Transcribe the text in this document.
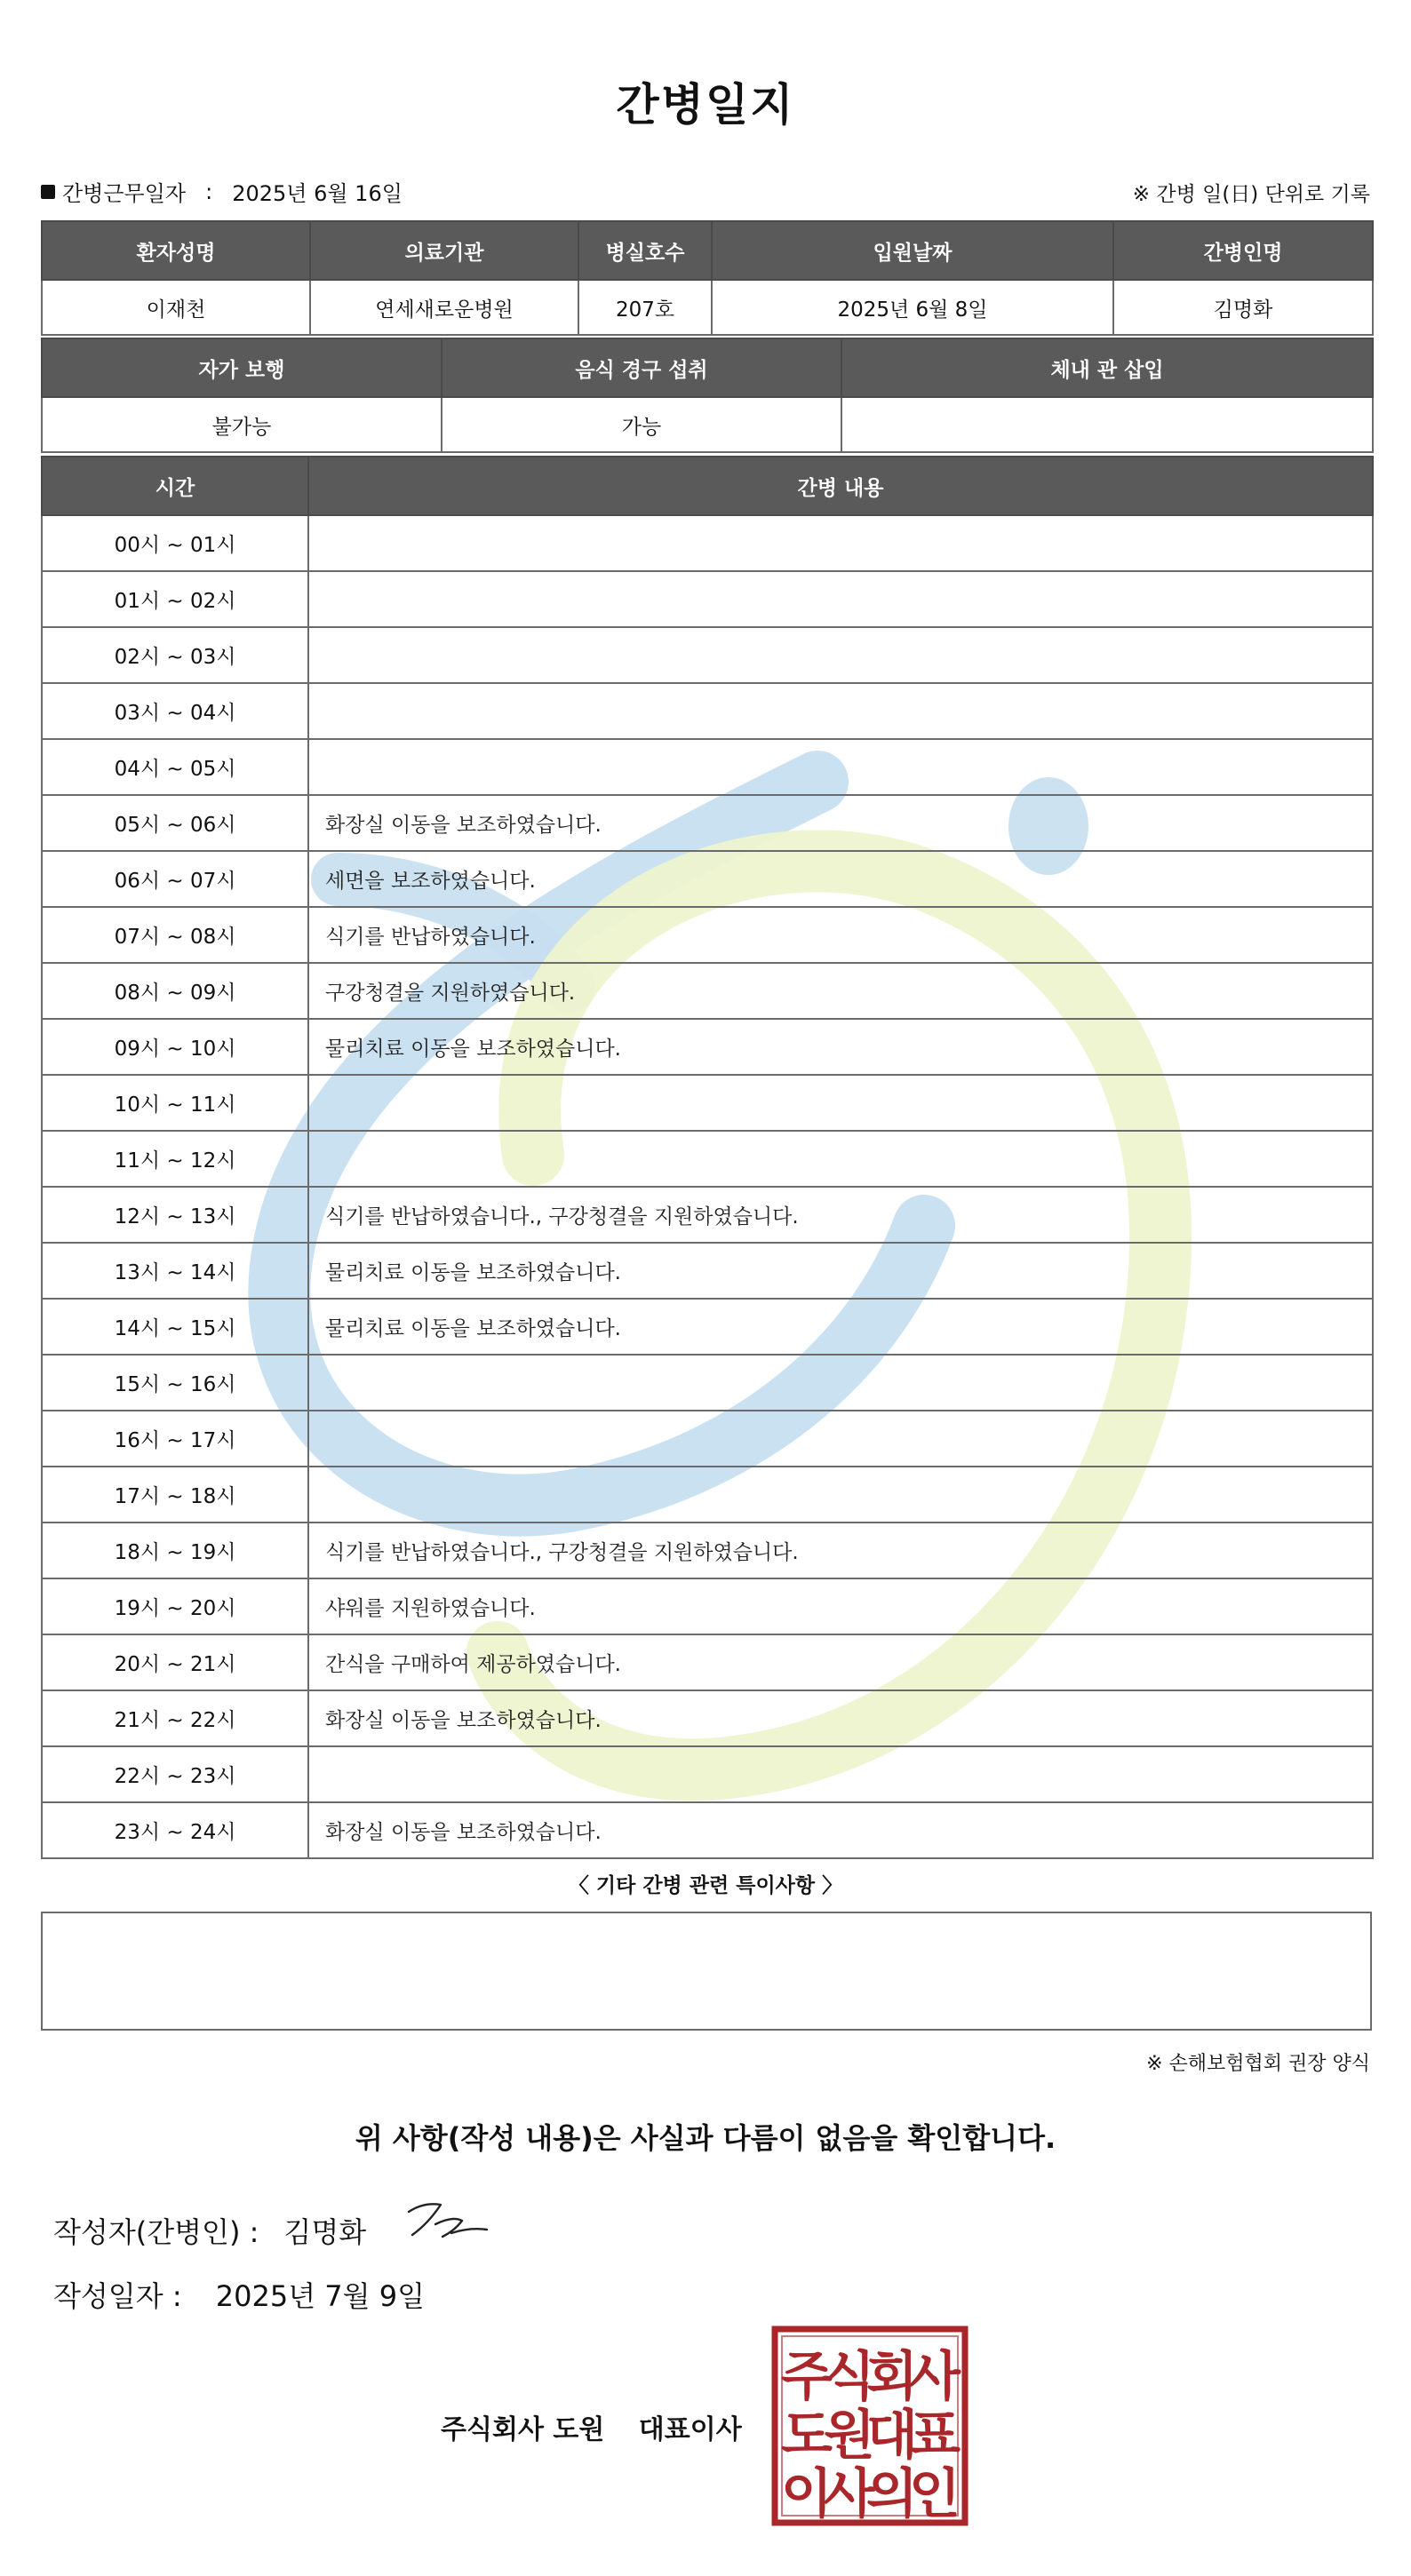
간병일지
간병근무일자 : 2025년 6월 16일	※ 간병 일(日) 단위로 기록
환자성명	의료기관	병실호수	입원날짜	간병인명
이재천	연세새로운병원	207호	2025년 6월 8일	김명화
자가 보행	음식 경구 섭취	체내 관 삽입
불가능	가능	
시간	간병 내용
00시 ~ 01시	
01시 ~ 02시	
02시 ~ 03시	
03시 ~ 04시	
04시 ~ 05시	
05시 ~ 06시	화장실 이동을 보조하였습니다.
06시 ~ 07시	세면을 보조하였습니다.
07시 ~ 08시	식기를 반납하였습니다.
08시 ~ 09시	구강청결을 지원하였습니다.
09시 ~ 10시	물리치료 이동을 보조하였습니다.
10시 ~ 11시	
11시 ~ 12시	
12시 ~ 13시	식기를 반납하였습니다., 구강청결을 지원하였습니다.
13시 ~ 14시	물리치료 이동을 보조하였습니다.
14시 ~ 15시	물리치료 이동을 보조하였습니다.
15시 ~ 16시	
16시 ~ 17시	
17시 ~ 18시	
18시 ~ 19시	식기를 반납하였습니다., 구강청결을 지원하였습니다.
19시 ~ 20시	샤워를 지원하였습니다.
20시 ~ 21시	간식을 구매하여 제공하였습니다.
21시 ~ 22시	화장실 이동을 보조하였습니다.
22시 ~ 23시	
23시 ~ 24시	화장실 이동을 보조하였습니다.
〈 기타 간병 관련 특이사항 〉
※ 손해보험협회 권장 양식
위 사항(작성 내용)은 사실과 다름이 없음을 확인합니다.
작성자(간병인) : 김명화
작성일자 : 2025년 7월 9일
주식회사 도원 대표이사
주
식
회
사
도
원
대
표
이
사
의
인
